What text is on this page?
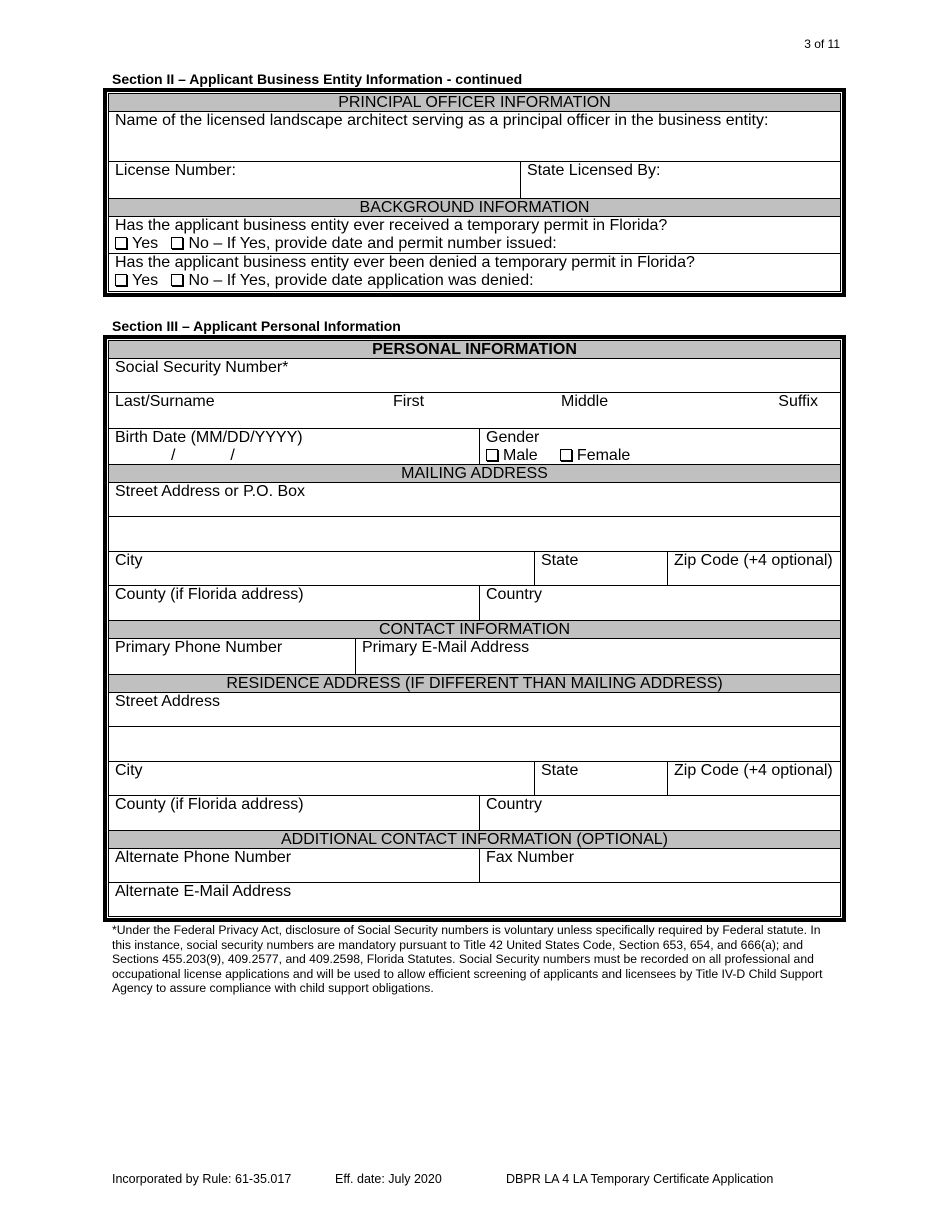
3 of 11
Section II – Applicant Business Entity Information - continued
PRINCIPAL OFFICER INFORMATION
Name of the licensed landscape architect serving as a principal officer in the business entity:
License Number:	State Licensed By:
BACKGROUND INFORMATION
Has the applicant business entity ever received a temporary permit in Florida?
Yes No – If Yes, provide date and permit number issued:
Has the applicant business entity ever been denied a temporary permit in Florida?
Yes No – If Yes, provide date application was denied:
Section III – Applicant Personal Information
PERSONAL INFORMATION
Social Security Number*
Last/Surname	First	Middle	Suffix
Birth Date (MM/DD/YYYY)
/	/
Gender
Male Female
MAILING ADDRESS
Street Address or P.O. Box
City	State	Zip Code (+4 optional)
County (if Florida address)	Country
CONTACT INFORMATION
Primary Phone Number	Primary E-Mail Address
RESIDENCE ADDRESS (IF DIFFERENT THAN MAILING ADDRESS)
Street Address
City	State	Zip Code (+4 optional)
County (if Florida address)	Country
ADDITIONAL CONTACT INFORMATION (OPTIONAL)
Alternate Phone Number	Fax Number
Alternate E-Mail Address
*Under the Federal Privacy Act, disclosure of Social Security numbers is voluntary unless specifically required by Federal statute. In this instance, social security numbers are mandatory pursuant to Title 42 United States Code, Section 653, 654, and 666(a); and Sections 455.203(9), 409.2577, and 409.2598, Florida Statutes. Social Security numbers must be recorded on all professional and occupational license applications and will be used to allow efficient screening of applicants and licensees by Title IV-D Child Support Agency to assure compliance with child support obligations.
Incorporated by Rule: 61-35.017	Eff. date: July 2020	DBPR LA 4 LA Temporary Certificate Application
